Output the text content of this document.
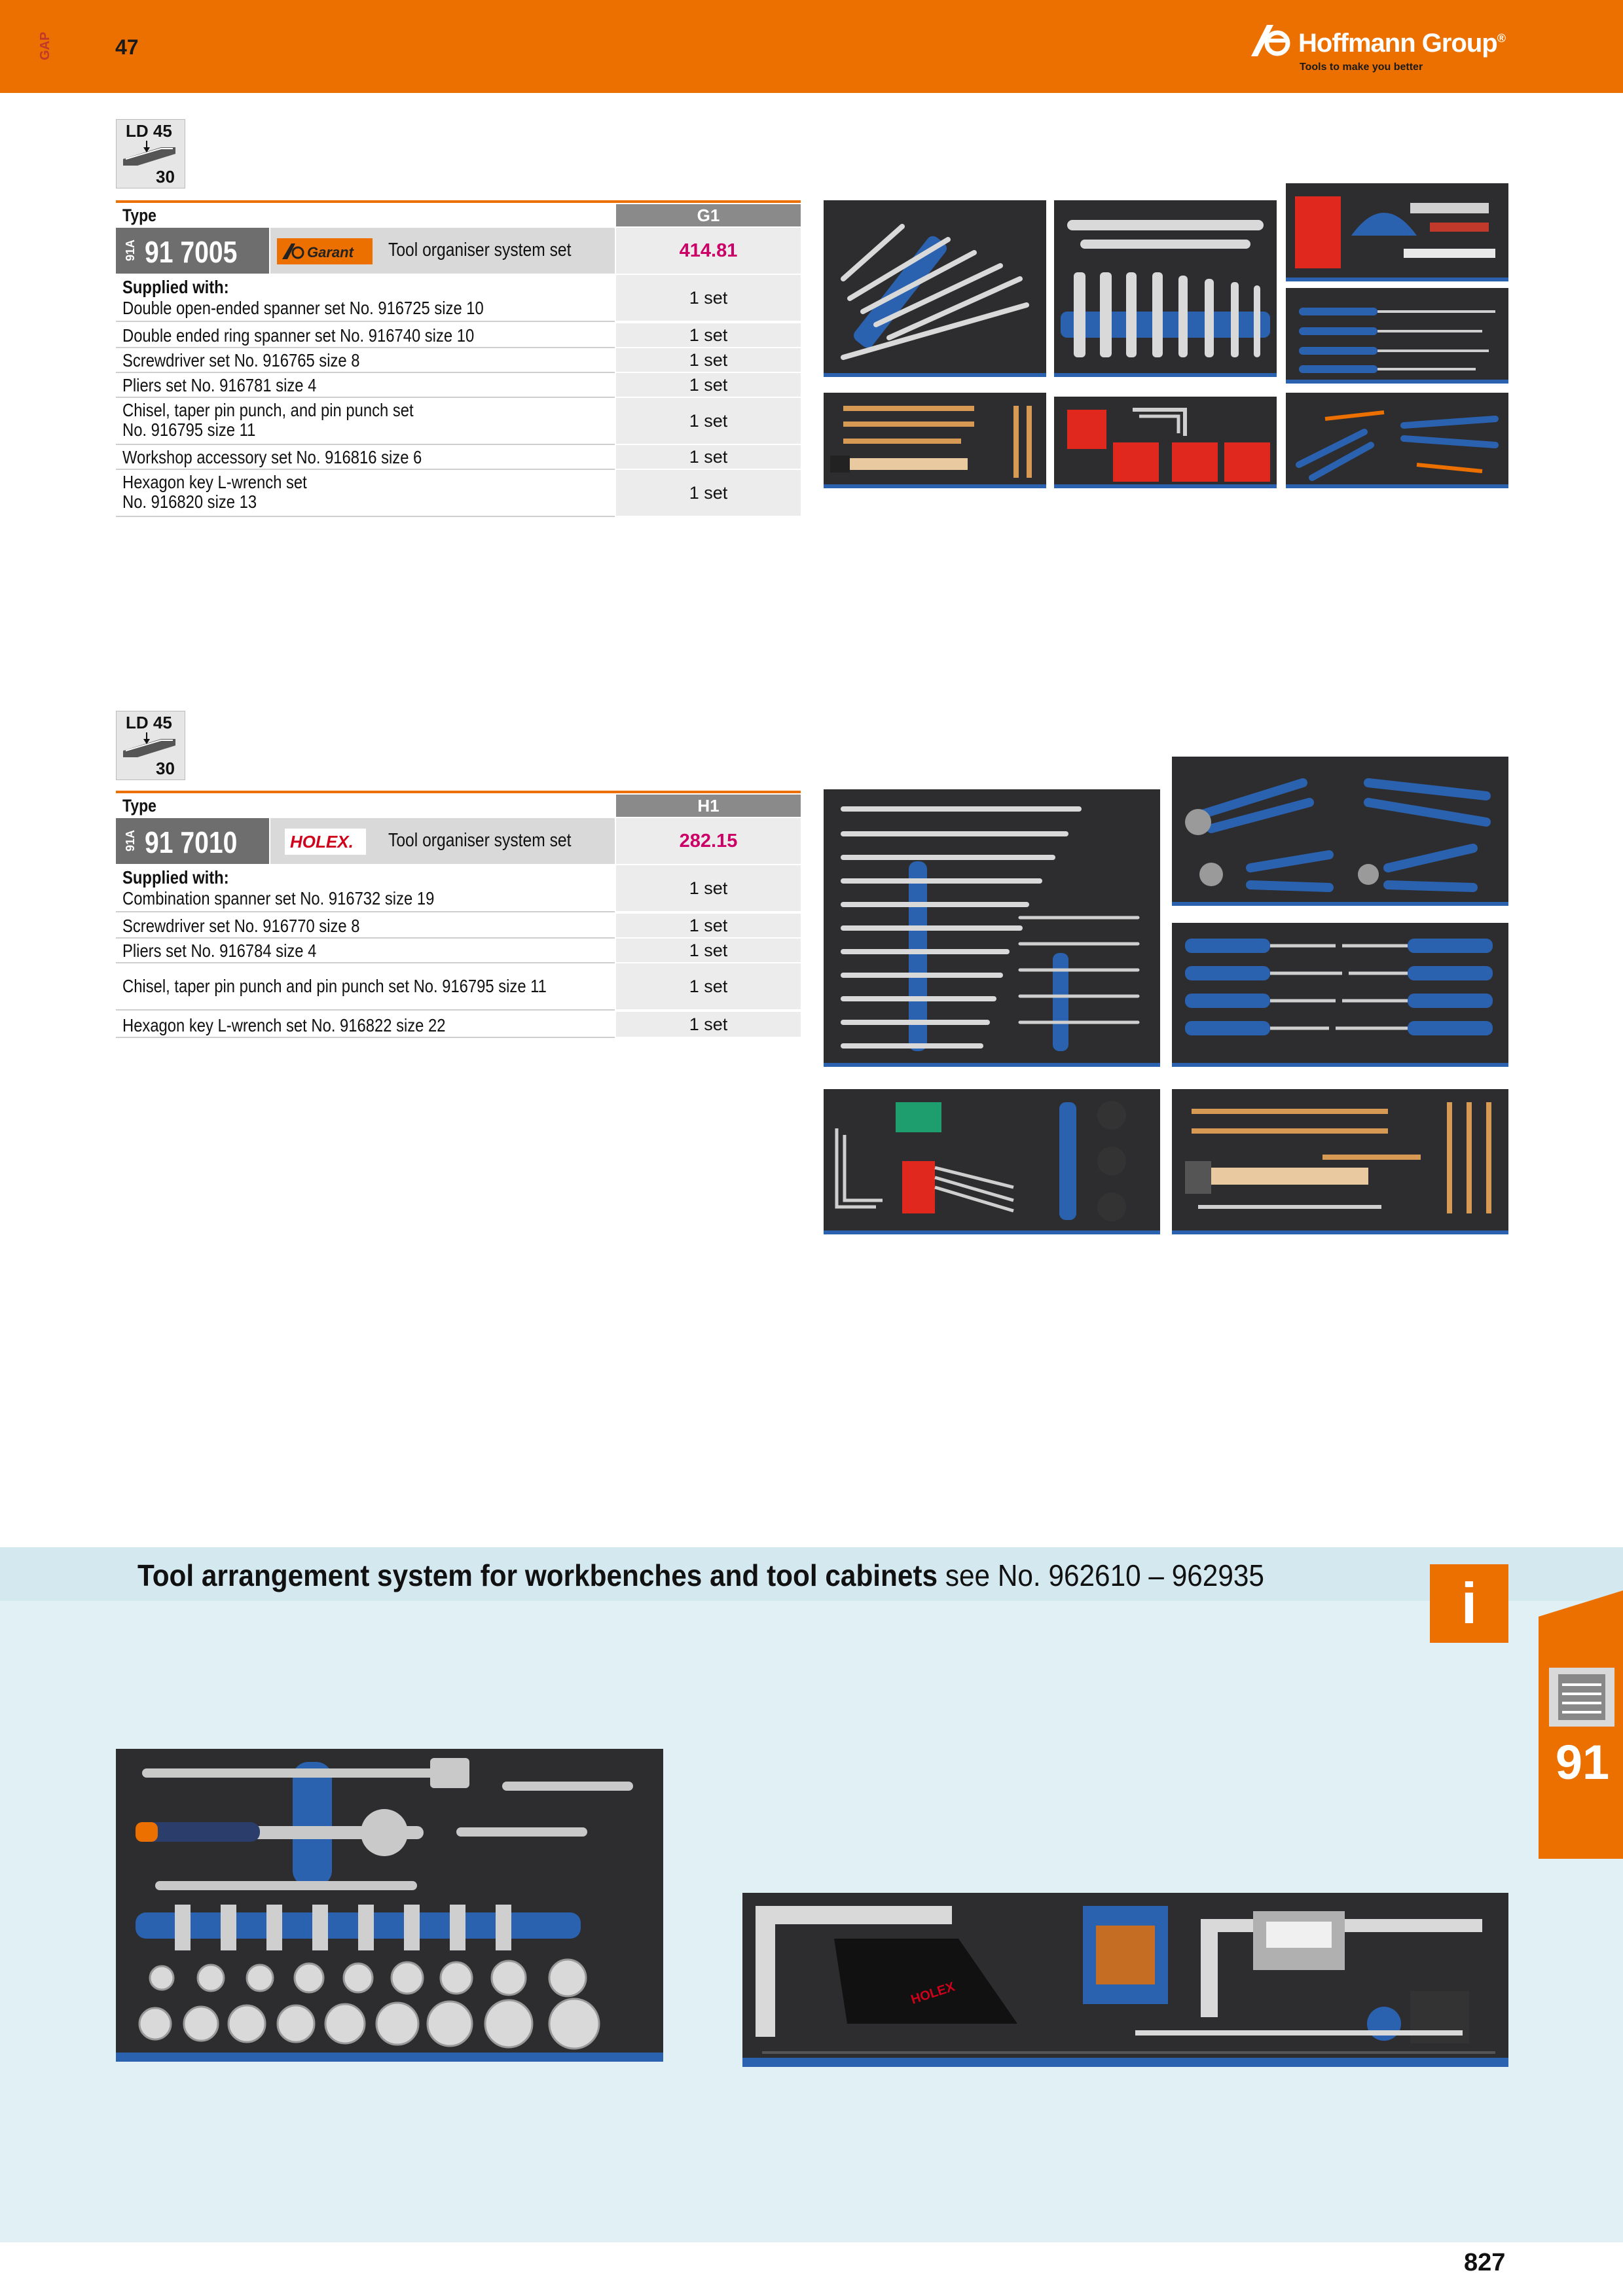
GAP	47	Hoffmann Group®
Tools to make you better
LD 45
30
Type	G1
91A 91 7005	Garant Tool organiser system set	414.81
Supplied with:
Double open-ended spanner set No. 916725 size 10	1 set
Double ended ring spanner set No. 916740 size 10	1 set
Screwdriver set No. 916765 size 8	1 set
Pliers set No. 916781 size 4	1 set
Chisel, taper pin punch, and pin punch set
No. 916795 size 11	1 set
Workshop accessory set No. 916816 size 6	1 set
Hexagon key L-wrench set
No. 916820 size 13	1 set
LD 45
30
Type	H1
91A 91 7010	HOLEX. Tool organiser system set	282.15
Supplied with:
Combination spanner set No. 916732 size 19	1 set
Screwdriver set No. 916770 size 8	1 set
Pliers set No. 916784 size 4	1 set
Chisel, taper pin punch and pin punch set No. 916795 size 11	1 set
Hexagon key L-wrench set No. 916822 size 22	1 set
Tool arrangement system for workbenches and tool cabinets see No. 962610 – 962935	i
91
HOLEX
827
